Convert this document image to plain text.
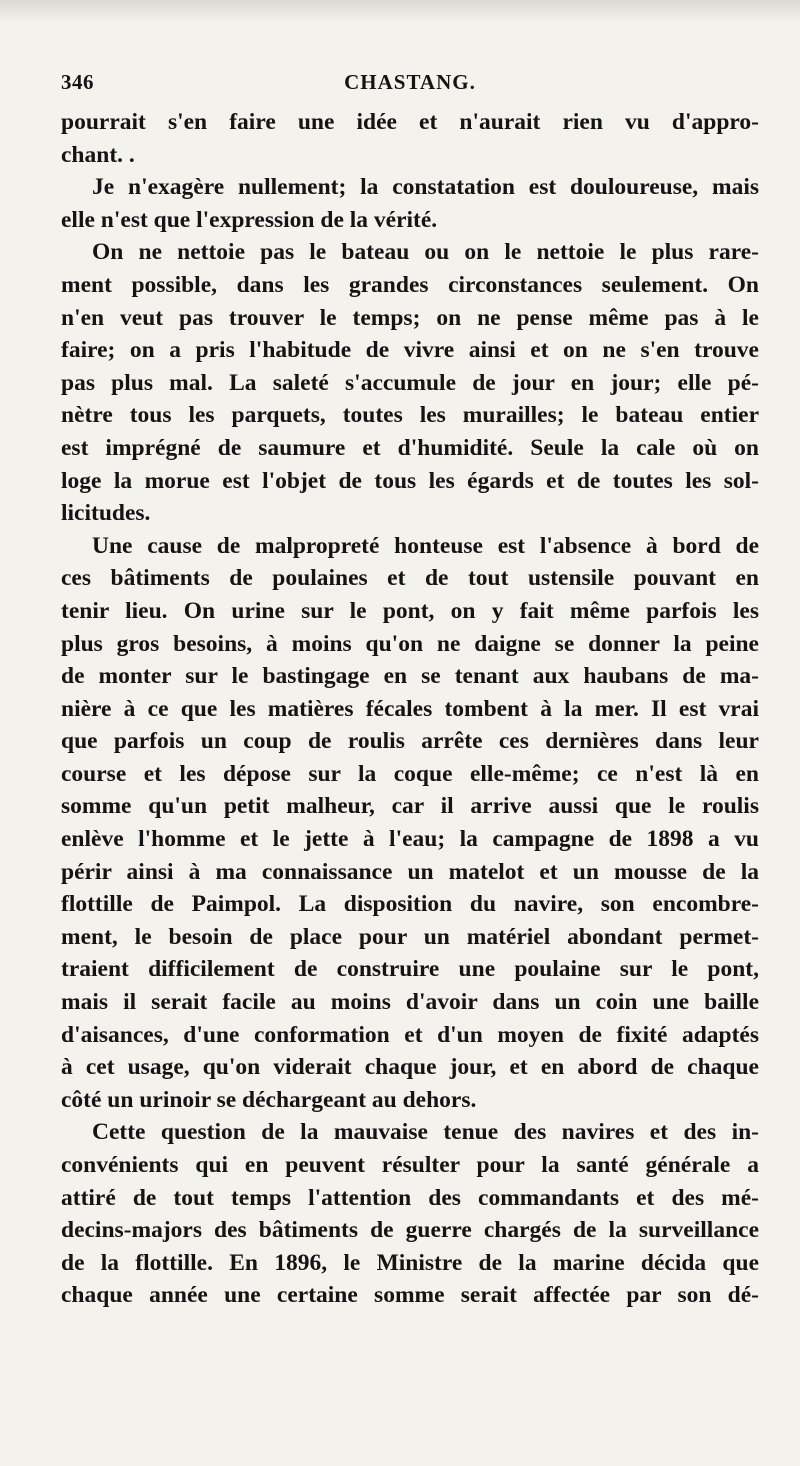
346	CHASTANG.
pourrait s'en faire une idée et n'aurait rien vu d'appro-
chant. .
Je n'exagère nullement; la constatation est douloureuse, mais
elle n'est que l'expression de la vérité.
On ne nettoie pas le bateau ou on le nettoie le plus rare-
ment possible, dans les grandes circonstances seulement. On
n'en veut pas trouver le temps; on ne pense même pas à le
faire; on a pris l'habitude de vivre ainsi et on ne s'en trouve
pas plus mal. La saleté s'accumule de jour en jour; elle pé-
nètre tous les parquets, toutes les murailles; le bateau entier
est imprégné de saumure et d'humidité. Seule la cale où on
loge la morue est l'objet de tous les égards et de toutes les sol-
licitudes.
Une cause de malpropreté honteuse est l'absence à bord de
ces bâtiments de poulaines et de tout ustensile pouvant en
tenir lieu. On urine sur le pont, on y fait même parfois les
plus gros besoins, à moins qu'on ne daigne se donner la peine
de monter sur le bastingage en se tenant aux haubans de ma-
nière à ce que les matières fécales tombent à la mer. Il est vrai
que parfois un coup de roulis arrête ces dernières dans leur
course et les dépose sur la coque elle-même; ce n'est là en
somme qu'un petit malheur, car il arrive aussi que le roulis
enlève l'homme et le jette à l'eau; la campagne de 1898 a vu
périr ainsi à ma connaissance un matelot et un mousse de la
flottille de Paimpol. La disposition du navire, son encombre-
ment, le besoin de place pour un matériel abondant permet-
traient difficilement de construire une poulaine sur le pont,
mais il serait facile au moins d'avoir dans un coin une baille
d'aisances, d'une conformation et d'un moyen de fixité adaptés
à cet usage, qu'on viderait chaque jour, et en abord de chaque
côté un urinoir se déchargeant au dehors.
Cette question de la mauvaise tenue des navires et des in-
convénients qui en peuvent résulter pour la santé générale a
attiré de tout temps l'attention des commandants et des mé-
decins-majors des bâtiments de guerre chargés de la surveillance
de la flottille. En 1896, le Ministre de la marine décida que
chaque année une certaine somme serait affectée par son dé-
